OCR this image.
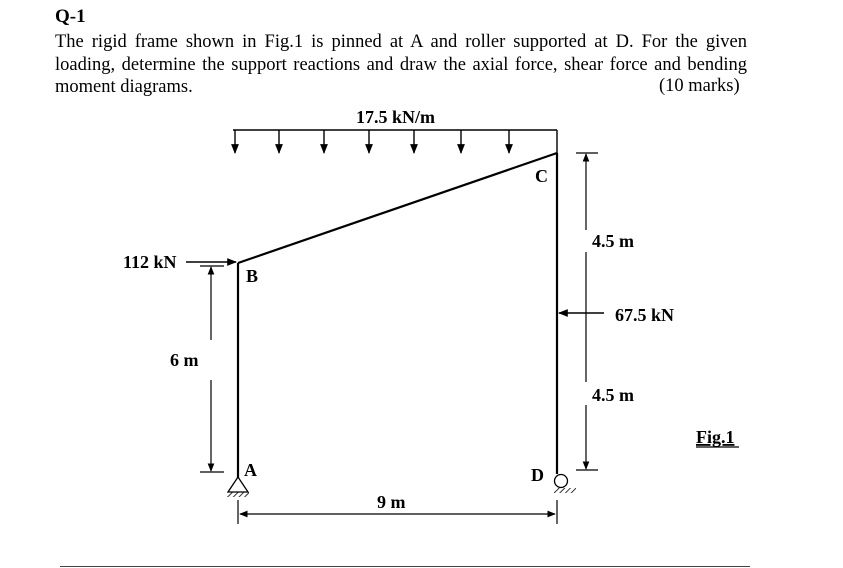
Q-1
The rigid frame shown in Fig.1 is pinned at A and roller supported at D. For the given loading, determine the support reactions and draw the axial force, shear force and bending moment diagrams.	(10 marks)
17.5 kN/m
112 kN
67.5 kN
6 m
4.5 m
4.5 m
9 m
A
B
C
D
Fig.1
